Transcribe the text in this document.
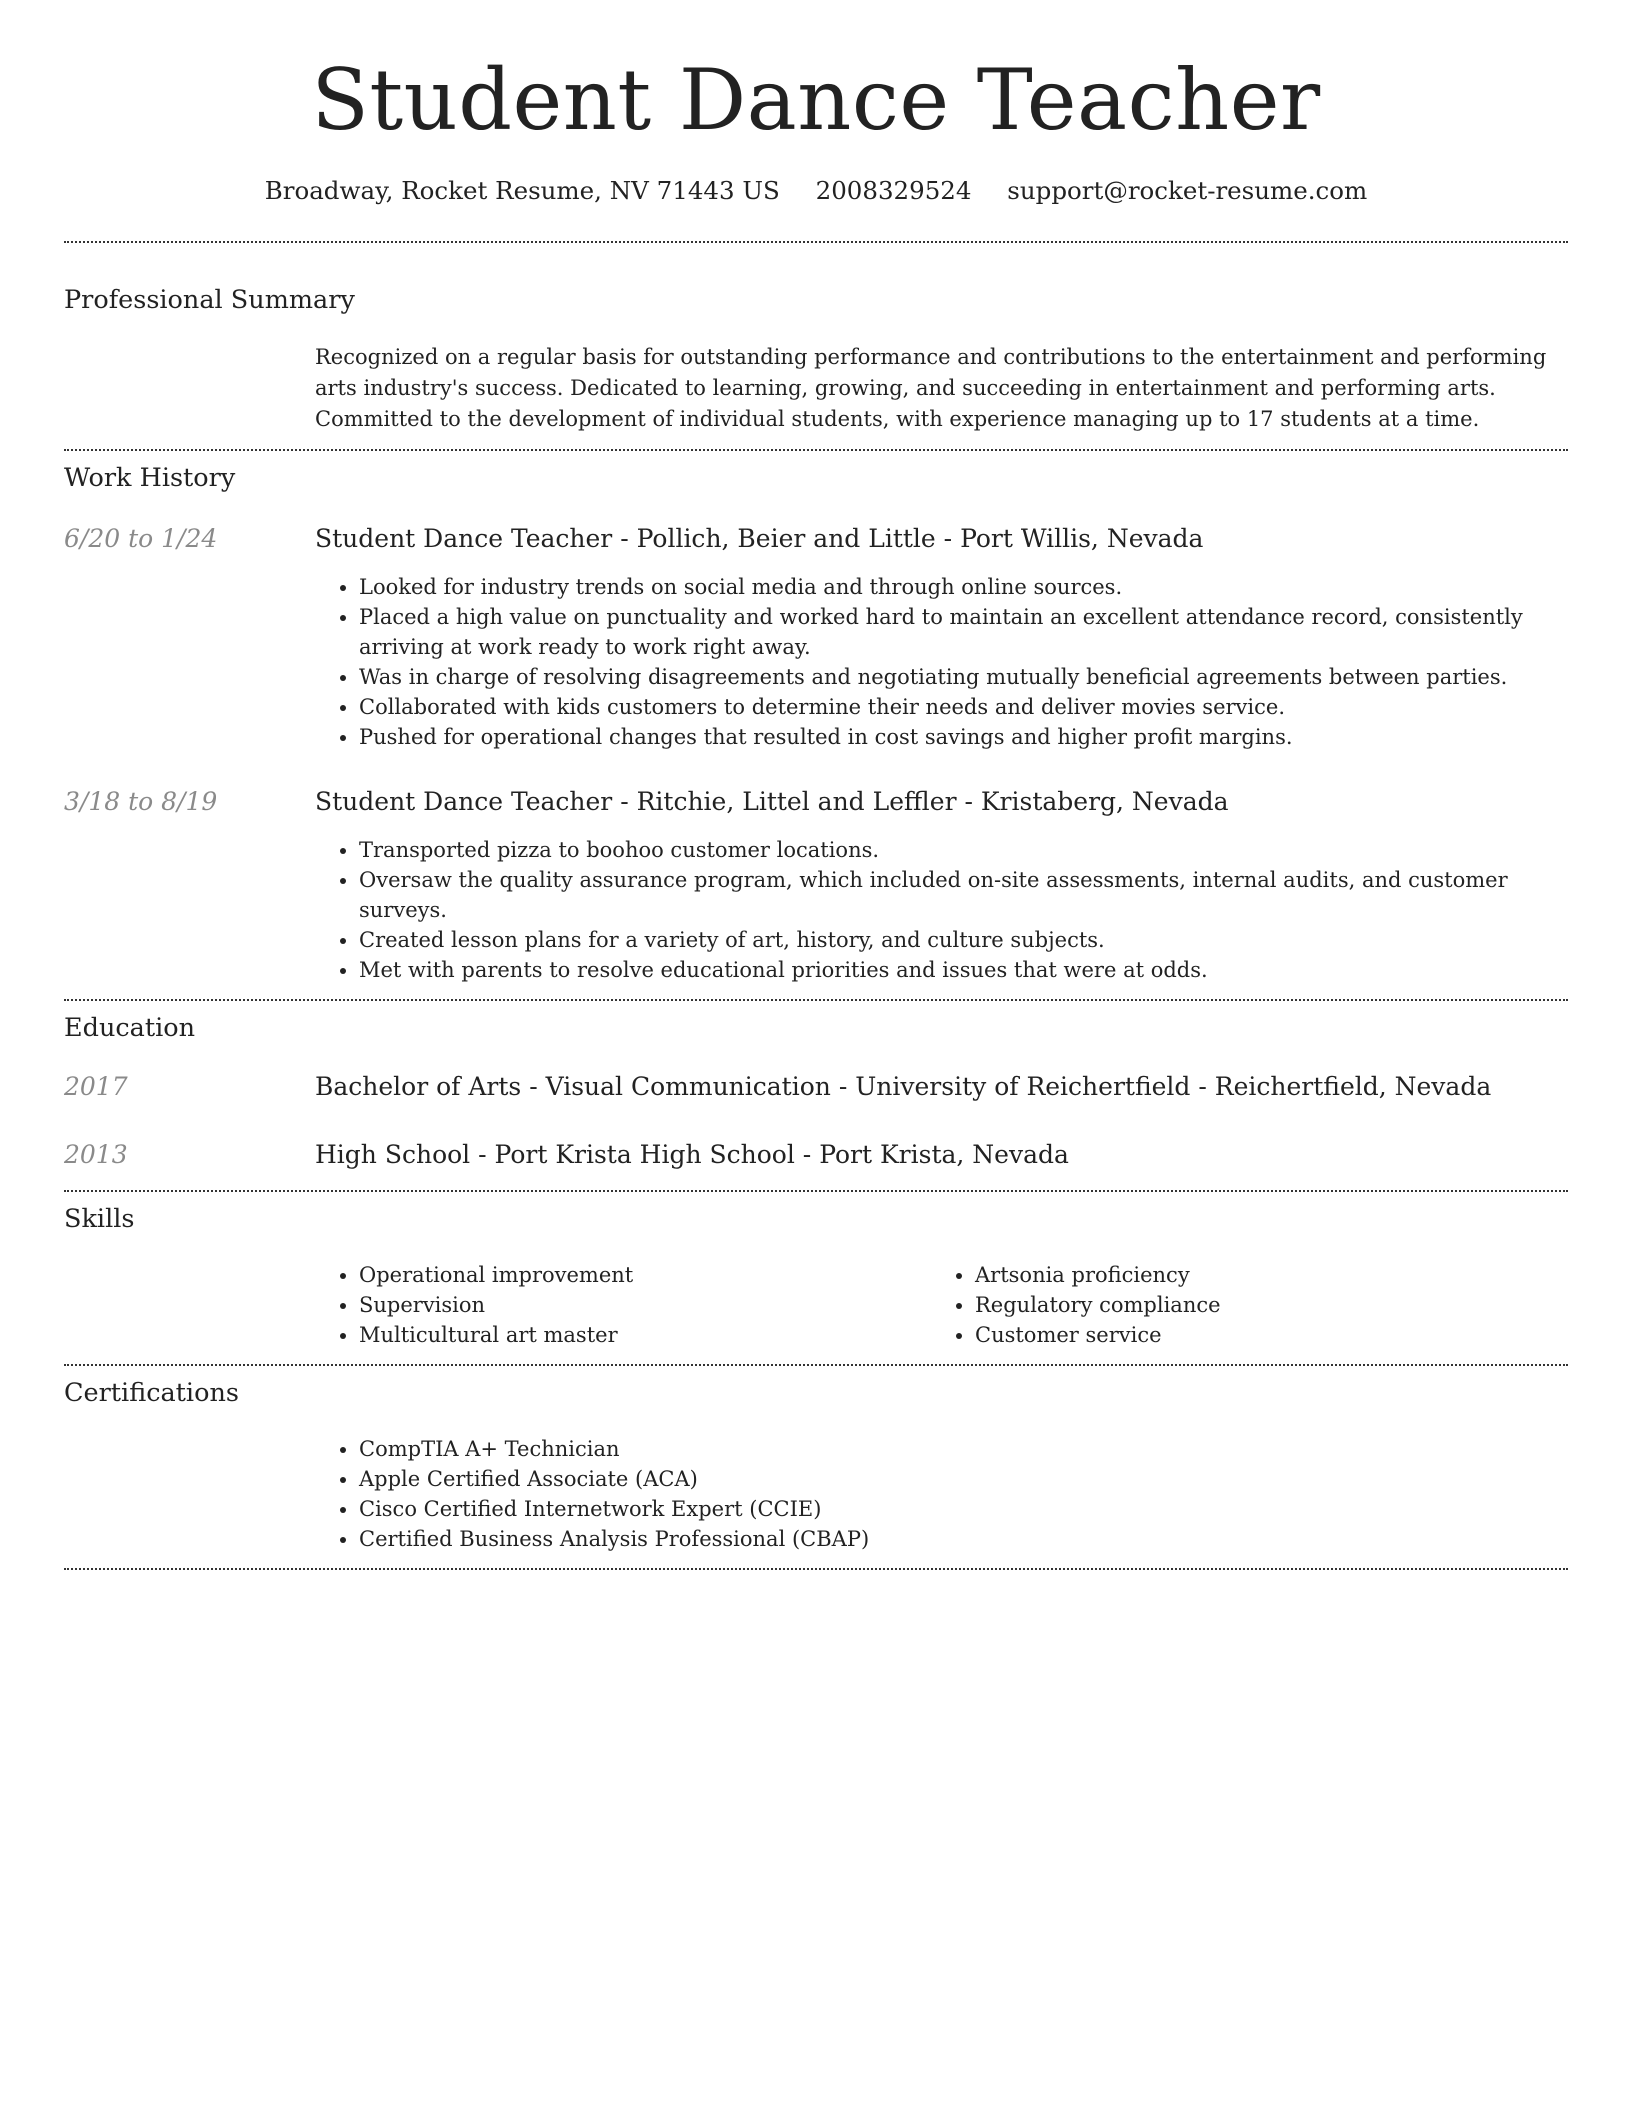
Student Dance Teacher
Broadway, Rocket Resume, NV 71443 US 2008329524 support@rocket-resume.com
Professional Summary
Recognized on a regular basis for outstanding performance and contributions to the entertainment and performing arts industry's success. Dedicated to learning, growing, and succeeding in entertainment and performing arts. Committed to the development of individual students, with experience managing up to 17 students at a time.
Work History
6/20 to 1/24	Student Dance Teacher - Pollich, Beier and Little - Port Willis, Nevada
• Looked for industry trends on social media and through online sources.
• Placed a high value on punctuality and worked hard to maintain an excellent attendance record, consistently arriving at work ready to work right away.
• Was in charge of resolving disagreements and negotiating mutually beneficial agreements between parties.
• Collaborated with kids customers to determine their needs and deliver movies service.
• Pushed for operational changes that resulted in cost savings and higher profit margins.
3/18 to 8/19	Student Dance Teacher - Ritchie, Littel and Leffler - Kristaberg, Nevada
• Transported pizza to boohoo customer locations.
• Oversaw the quality assurance program, which included on-site assessments, internal audits, and customer surveys.
• Created lesson plans for a variety of art, history, and culture subjects.
• Met with parents to resolve educational priorities and issues that were at odds.
Education
2017	Bachelor of Arts - Visual Communication - University of Reichertfield - Reichertfield, Nevada
2013	High School - Port Krista High School - Port Krista, Nevada
Skills
• Operational improvement
• Supervision
• Multicultural art master
• Artsonia proficiency
• Regulatory compliance
• Customer service
Certifications
• CompTIA A+ Technician
• Apple Certified Associate (ACA)
• Cisco Certified Internetwork Expert (CCIE)
• Certified Business Analysis Professional (CBAP)
